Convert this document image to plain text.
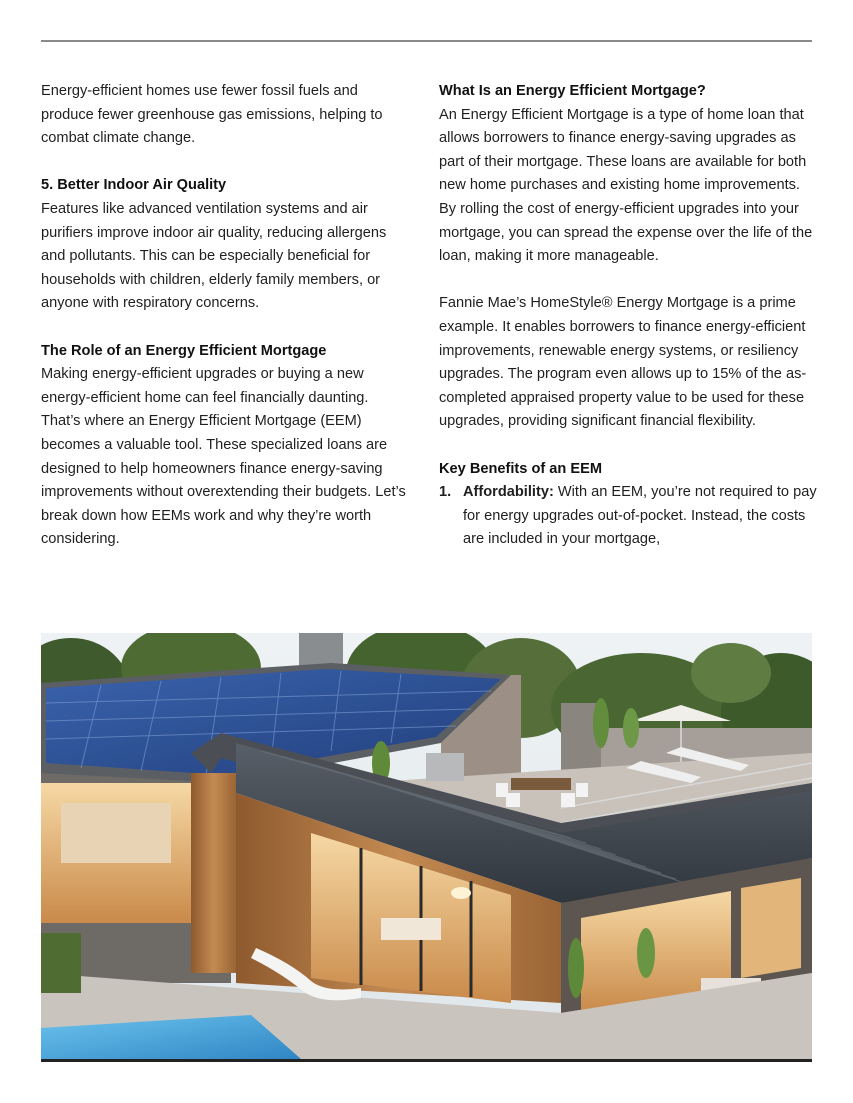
Energy-efficient homes use fewer fossil fuels and produce fewer greenhouse gas emissions, helping to combat climate change.

5. Better Indoor Air Quality

Features like advanced ventilation systems and air purifiers improve indoor air quality, reducing allergens and pollutants. This can be especially beneficial for households with children, elderly family members, or anyone with respiratory concerns.

The Role of an Energy Efficient Mortgage

Making energy-efficient upgrades or buying a new energy-efficient home can feel financially daunting. That’s where an Energy Efficient Mortgage (EEM) becomes a valuable tool. These specialized loans are designed to help homeowners finance energy-saving improvements without overextending their budgets. Let’s break down how EEMs work and why they’re worth considering.

What Is an Energy Efficient Mortgage?

An Energy Efficient Mortgage is a type of home loan that allows borrowers to finance energy-saving upgrades as part of their mortgage. These loans are available for both new home purchases and existing home improvements. By rolling the cost of energy-efficient upgrades into your mortgage, you can spread the expense over the life of the loan, making it more manageable.

Fannie Mae’s HomeStyle® Energy Mortgage is a prime example. It enables borrowers to finance energy-efficient improvements, renewable energy systems, or resiliency upgrades. The program even allows up to 15% of the as-completed appraised property value to be used for these upgrades, providing significant financial flexibility.

Key Benefits of an EEM
1. Affordability: With an EEM, you’re not required to pay for energy upgrades out-of-pocket. Instead, the costs are included in your mortgage,
